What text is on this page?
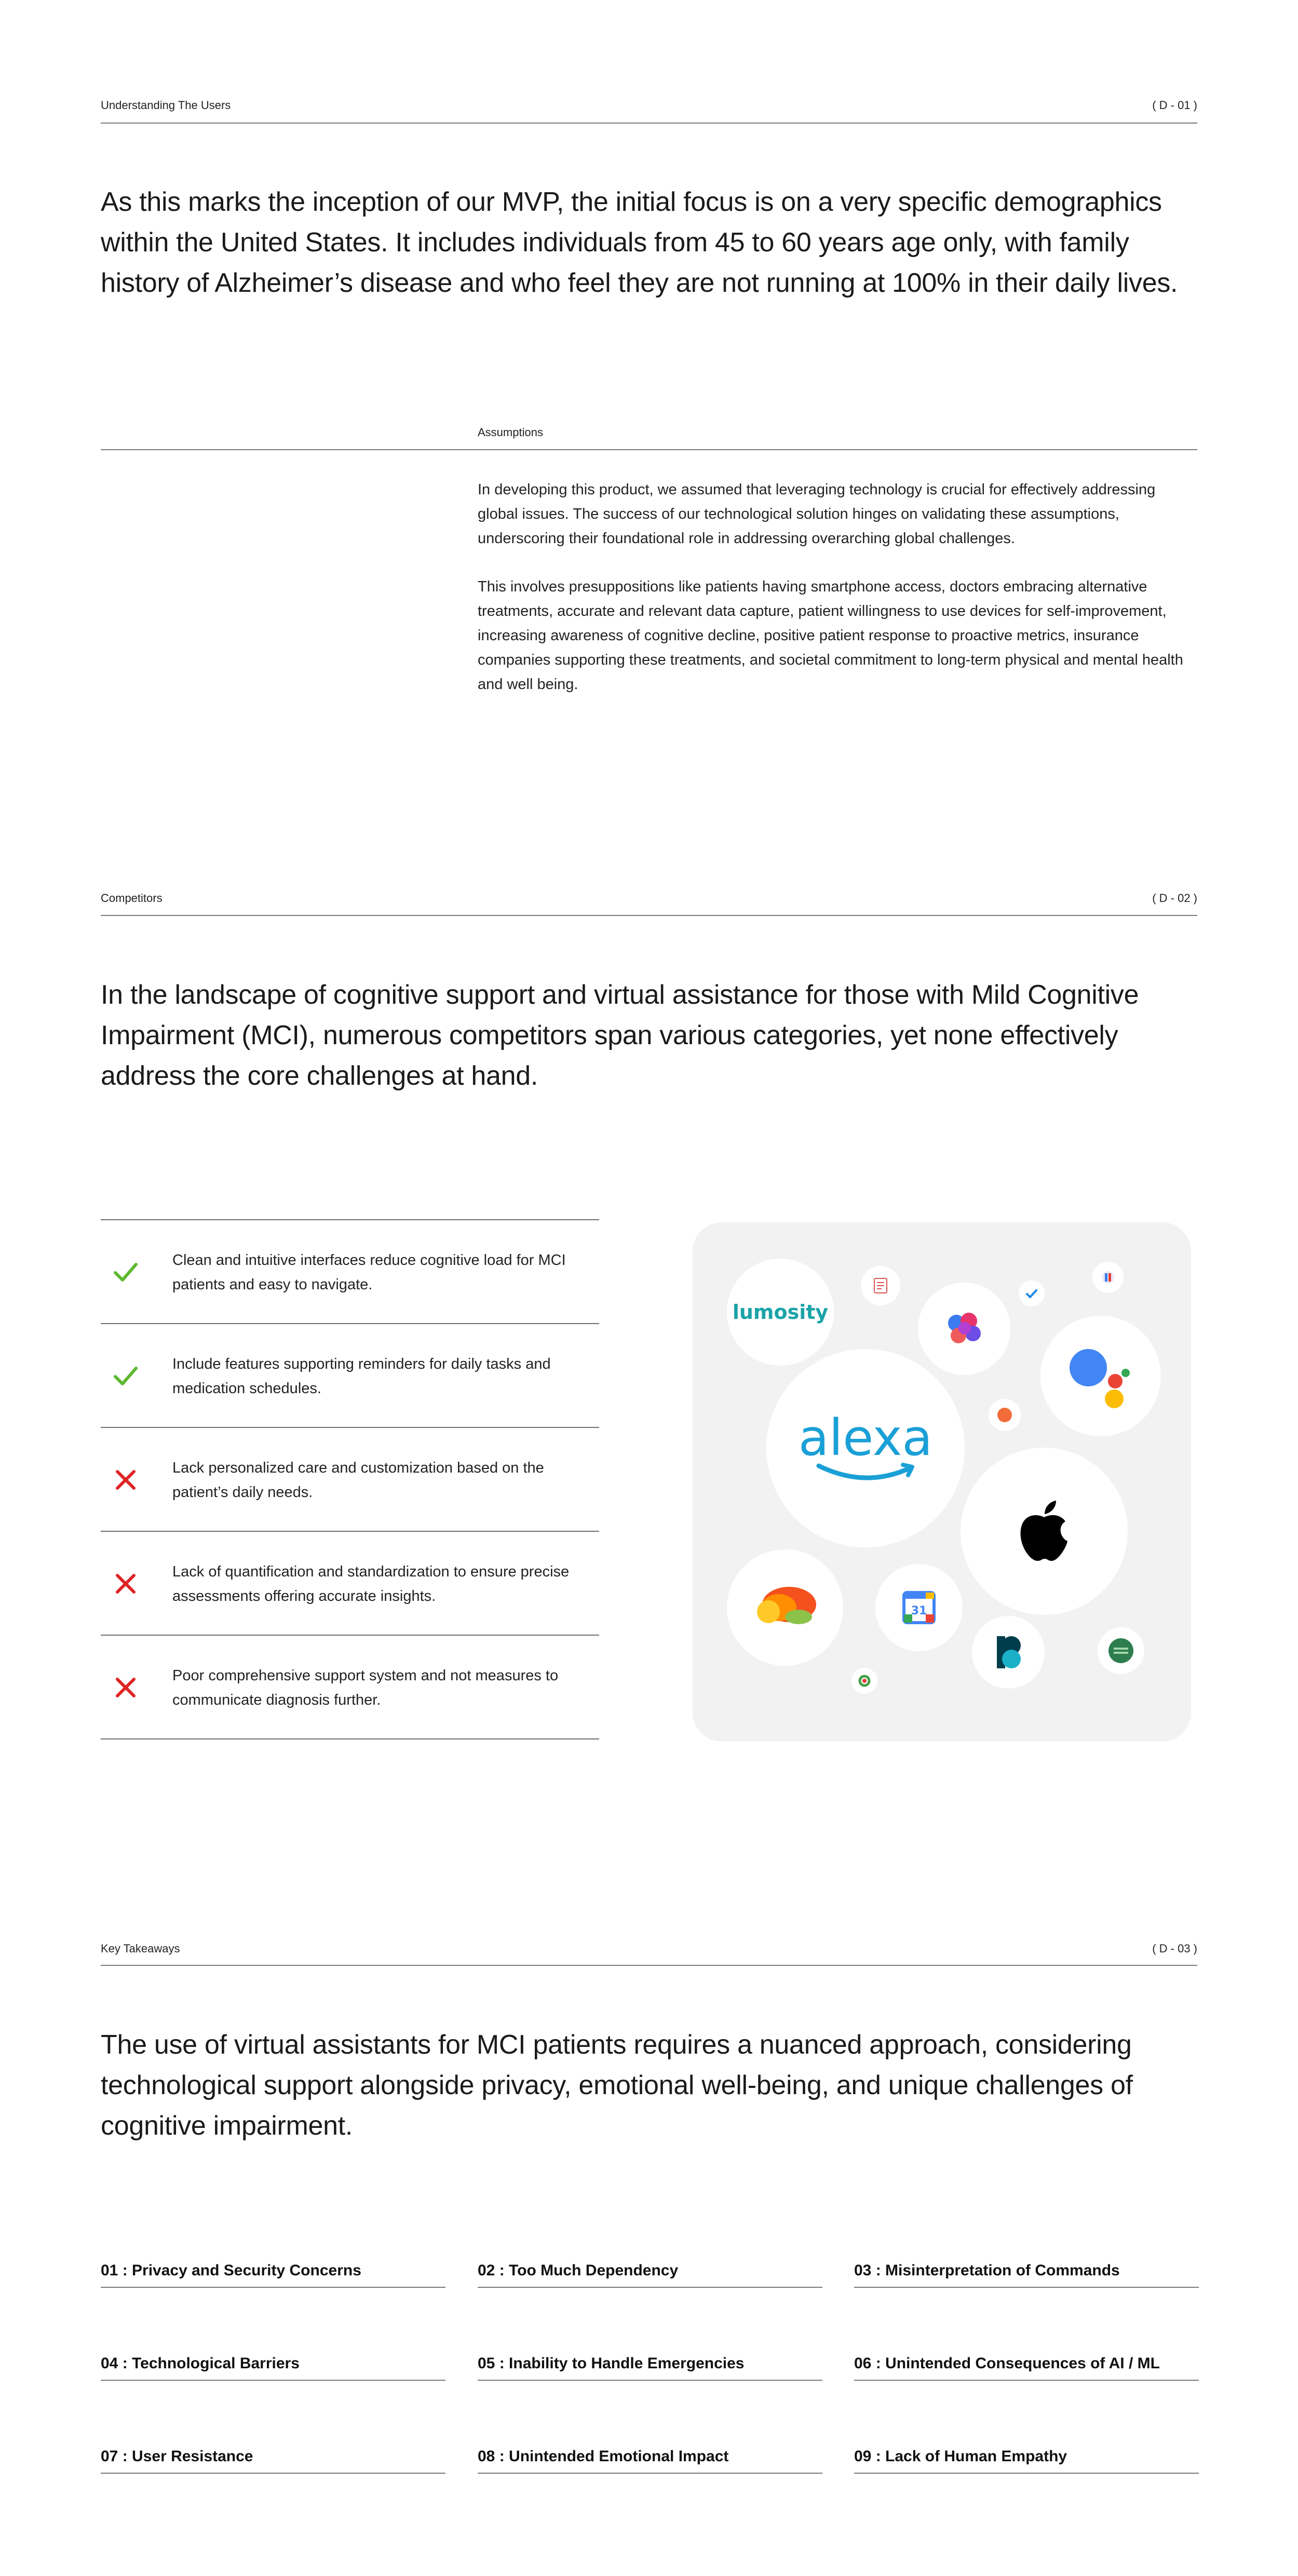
Understanding The Users	( D - 01 )
As this marks the inception of our MVP, the initial focus is on a very specific demographics within the United States. It includes individuals from 45 to 60 years age only, with family history of Alzheimer’s disease and who feel they are not running at 100% in their daily lives.
Assumptions
In developing this product, we assumed that leveraging technology is crucial for effectively addressing global issues. The success of our technological solution hinges on validating these assumptions, underscoring their foundational role in addressing overarching global challenges.
This involves presuppositions like patients having smartphone access, doctors embracing alternative treatments, accurate and relevant data capture, patient willingness to use devices for self-improvement, increasing awareness of cognitive decline, positive patient response to proactive metrics, insurance companies supporting these treatments, and societal commitment to long-term physical and mental health and well being.
Competitors	( D - 02 )
In the landscape of cognitive support and virtual assistance for those with Mild Cognitive Impairment (MCI), numerous competitors span various categories, yet none effectively address the core challenges at hand.
Clean and intuitive interfaces reduce cognitive load for MCI patients and easy to navigate.
Include features supporting reminders for daily tasks and medication schedules.
Lack personalized care and customization based on the patient’s daily needs.
Lack of quantification and standardization to ensure precise assessments offering accurate insights.
Poor comprehensive support system and not measures to communicate diagnosis further.
lumosity
alexa
31
Key Takeaways	( D - 03 )
The use of virtual assistants for MCI patients requires a nuanced approach, considering technological support alongside privacy, emotional well-being, and unique challenges of cognitive impairment.
01 : Privacy and Security Concerns	02 : Too Much Dependency	03 : Misinterpretation of Commands
04 : Technological Barriers	05 : Inability to Handle Emergencies	06 : Unintended Consequences of AI / ML
07 : User Resistance	08 : Unintended Emotional Impact	09 : Lack of Human Empathy
